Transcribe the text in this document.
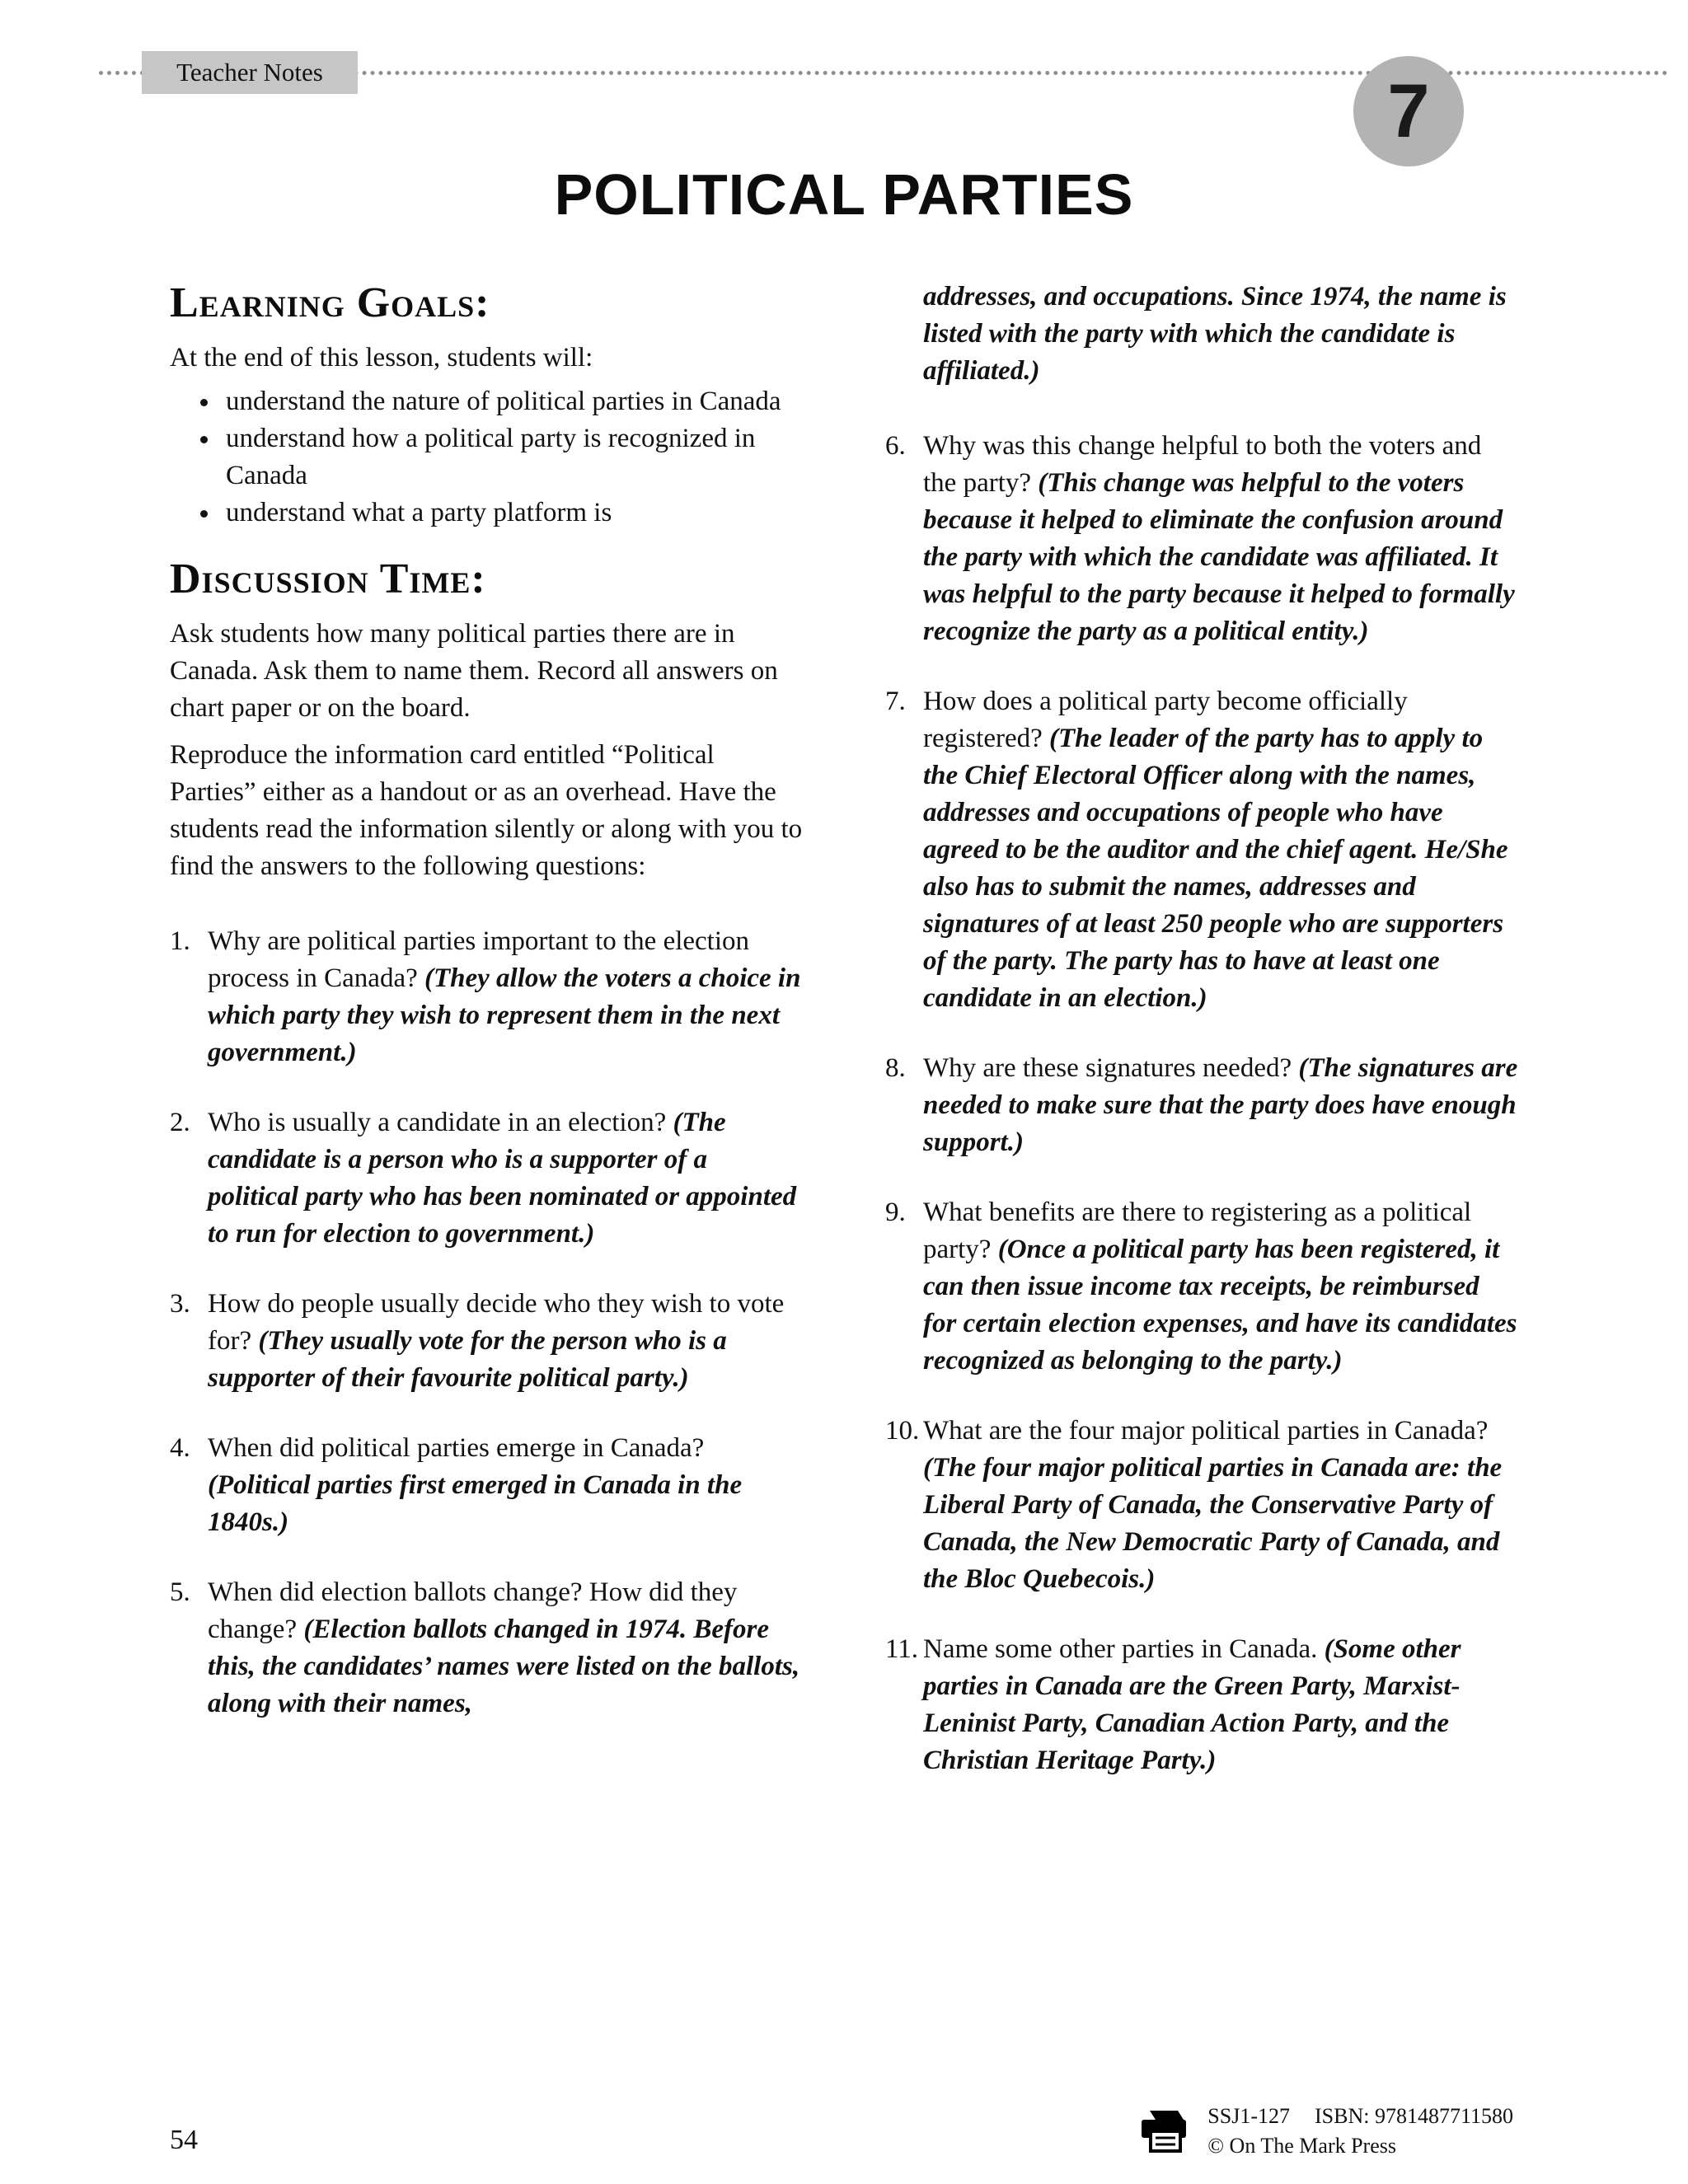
Teacher Notes	7
POLITICAL PARTIES
Learning Goals:

At the end of this lesson, students will:

• understand the nature of political parties in Canada
• understand how a political party is recognized in Canada
• understand what a party platform is
Discussion Time:

Ask students how many political parties there are in Canada. Ask them to name them. Record all answers on chart paper or on the board.

Reproduce the information card entitled “Political Parties” either as a handout or as an overhead. Have the students read the information silently or along with you to find the answers to the following questions:

1. Why are political parties important to the election process in Canada? (They allow the voters a choice in which party they wish to represent them in the next government.)
2. Who is usually a candidate in an election? (The candidate is a person who is a supporter of a political party who has been nominated or appointed to run for election to government.)
3. How do people usually decide who they wish to vote for? (They usually vote for the person who is a supporter of their favourite political party.)
4. When did political parties emerge in Canada? (Political parties first emerged in Canada in the 1840s.)
5. When did election ballots change? How did they change? (Election ballots changed in 1974. Before this, the candidates’ names were listed on the ballots, along with their names,

addresses, and occupations. Since 1974, the name is listed with the party with which the candidate is affiliated.)

6. Why was this change helpful to both the voters and the party? (This change was helpful to the voters because it helped to eliminate the confusion around the party with which the candidate was affiliated. It was helpful to the party because it helped to formally recognize the party as a political entity.)
7. How does a political party become officially registered? (The leader of the party has to apply to the Chief Electoral Officer along with the names, addresses and occupations of people who have agreed to be the auditor and the chief agent. He/She also has to submit the names, addresses and signatures of at least 250 people who are supporters of the party. The party has to have at least one candidate in an election.)
8. Why are these signatures needed? (The signatures are needed to make sure that the party does have enough support.)
9. What benefits are there to registering as a political party? (Once a political party has been registered, it can then issue income tax receipts, be reimbursed for certain election expenses, and have its candidates recognized as belonging to the party.)
10. What are the four major political parties in Canada? (The four major political parties in Canada are: the Liberal Party of Canada, the Conservative Party of Canada, the New Democratic Party of Canada, and the Bloc Quebecois.)
11. Name some other parties in Canada. (Some other parties in Canada are the Green Party, Marxist-Leninist Party, Canadian Action Party, and the Christian Heritage Party.)
54
SSJ1-127 ISBN: 9781487711580
© On The Mark Press
